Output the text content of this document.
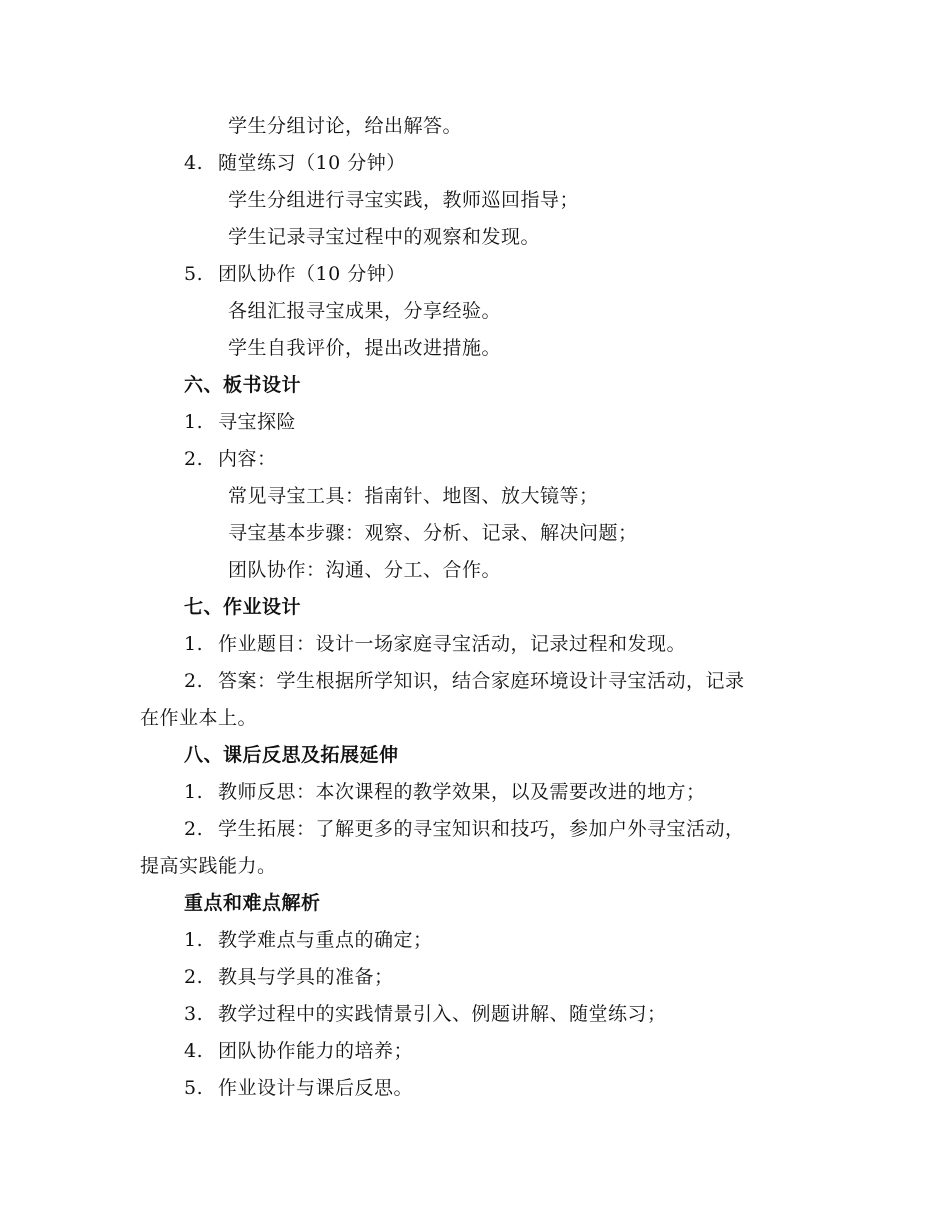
学生分组讨论，给出解答。
4. 随堂练习（10 分钟）
学生分组进行寻宝实践，教师巡回指导；
学生记录寻宝过程中的观察和发现。
5. 团队协作（10 分钟）
各组汇报寻宝成果，分享经验。
学生自我评价，提出改进措施。
六、板书设计
1. 寻宝探险
2. 内容：
常见寻宝工具：指南针、地图、放大镜等；
寻宝基本步骤：观察、分析、记录、解决问题；
团队协作：沟通、分工、合作。
七、作业设计
1. 作业题目：设计一场家庭寻宝活动，记录过程和发现。
2. 答案：学生根据所学知识，结合家庭环境设计寻宝活动，记录
在作业本上。
八、课后反思及拓展延伸
1. 教师反思：本次课程的教学效果，以及需要改进的地方；
2. 学生拓展：了解更多的寻宝知识和技巧，参加户外寻宝活动，
提高实践能力。
重点和难点解析
1. 教学难点与重点的确定；
2. 教具与学具的准备；
3. 教学过程中的实践情景引入、例题讲解、随堂练习；
4. 团队协作能力的培养；
5. 作业设计与课后反思。
